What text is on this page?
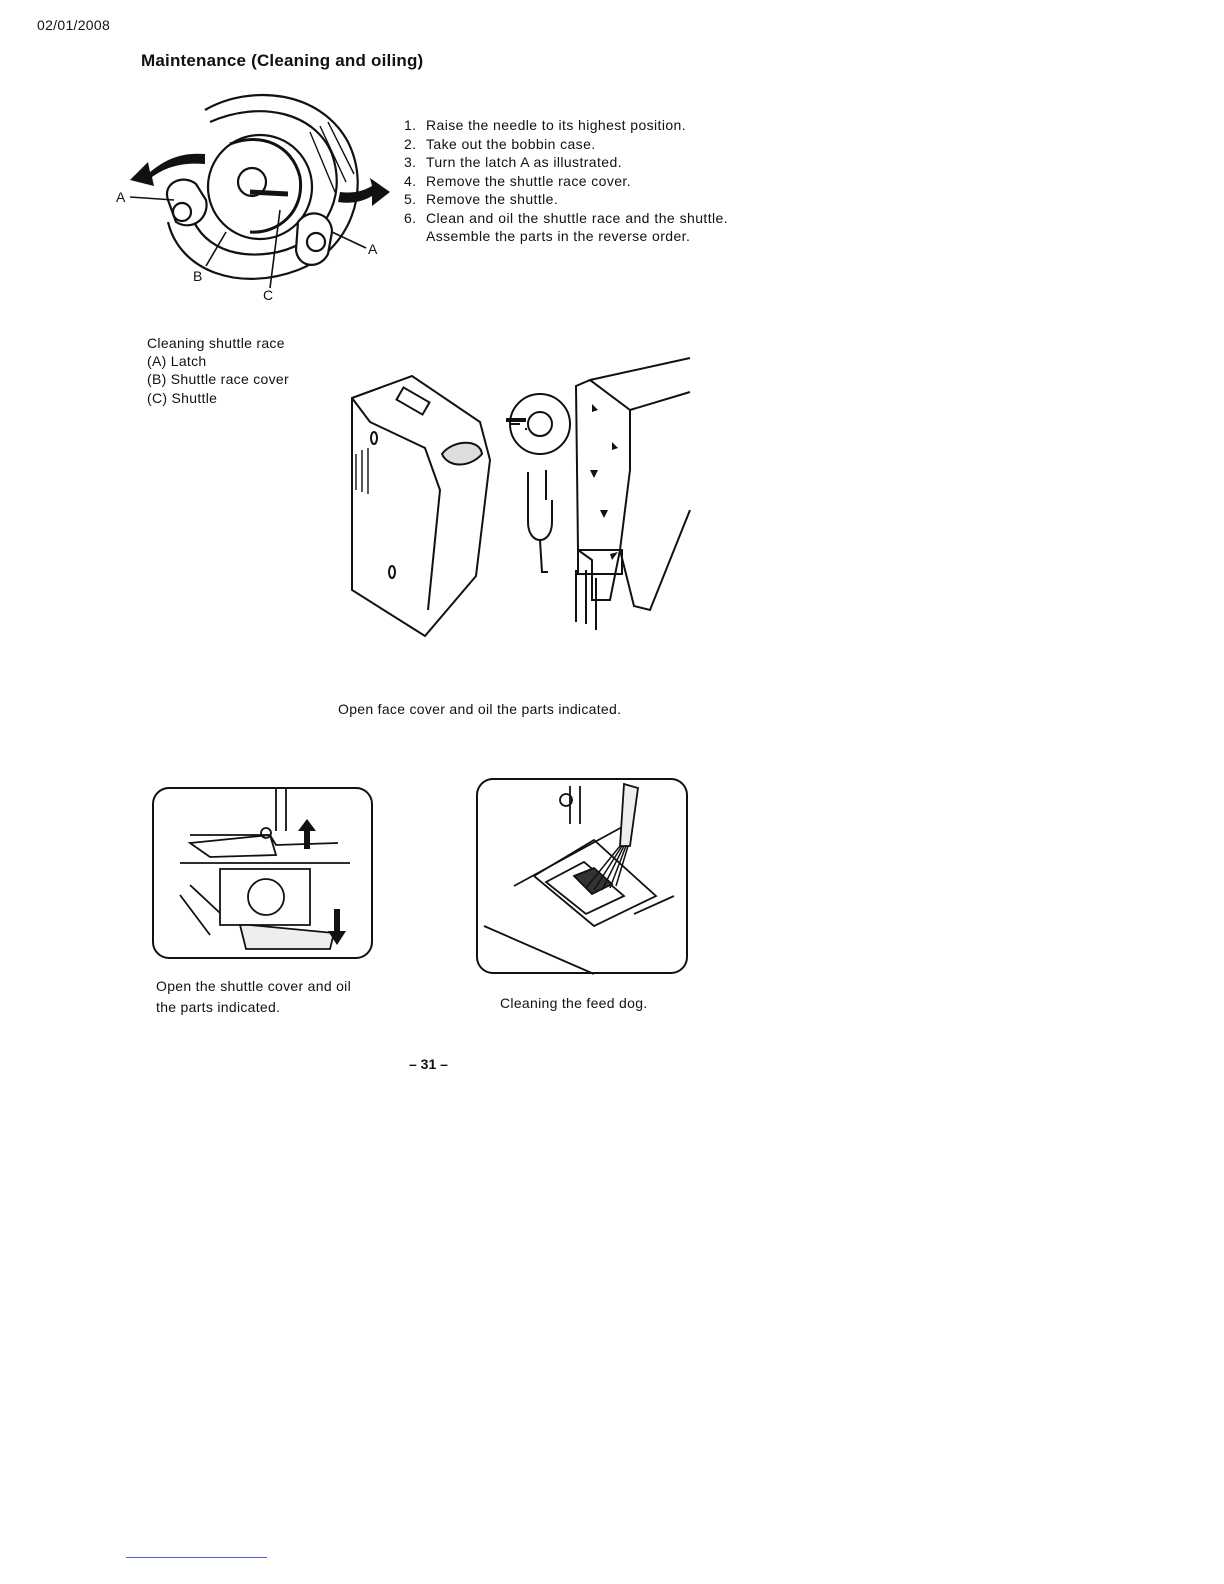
02/01/2008
Maintenance (Cleaning and oiling)
A
A
B
C
1. Raise the needle to its highest position.
2. Take out the bobbin case.
3. Turn the latch A as illustrated.
4. Remove the shuttle race cover.
5. Remove the shuttle.
6. Clean and oil the shuttle race and the shuttle. Assemble the parts in the reverse order.
Cleaning shuttle race
(A) Latch
(B) Shuttle race cover
(C) Shuttle
Open face cover and oil the parts indicated.
Open the shuttle cover and oil
the parts indicated.	Cleaning the feed dog.
– 31 –
